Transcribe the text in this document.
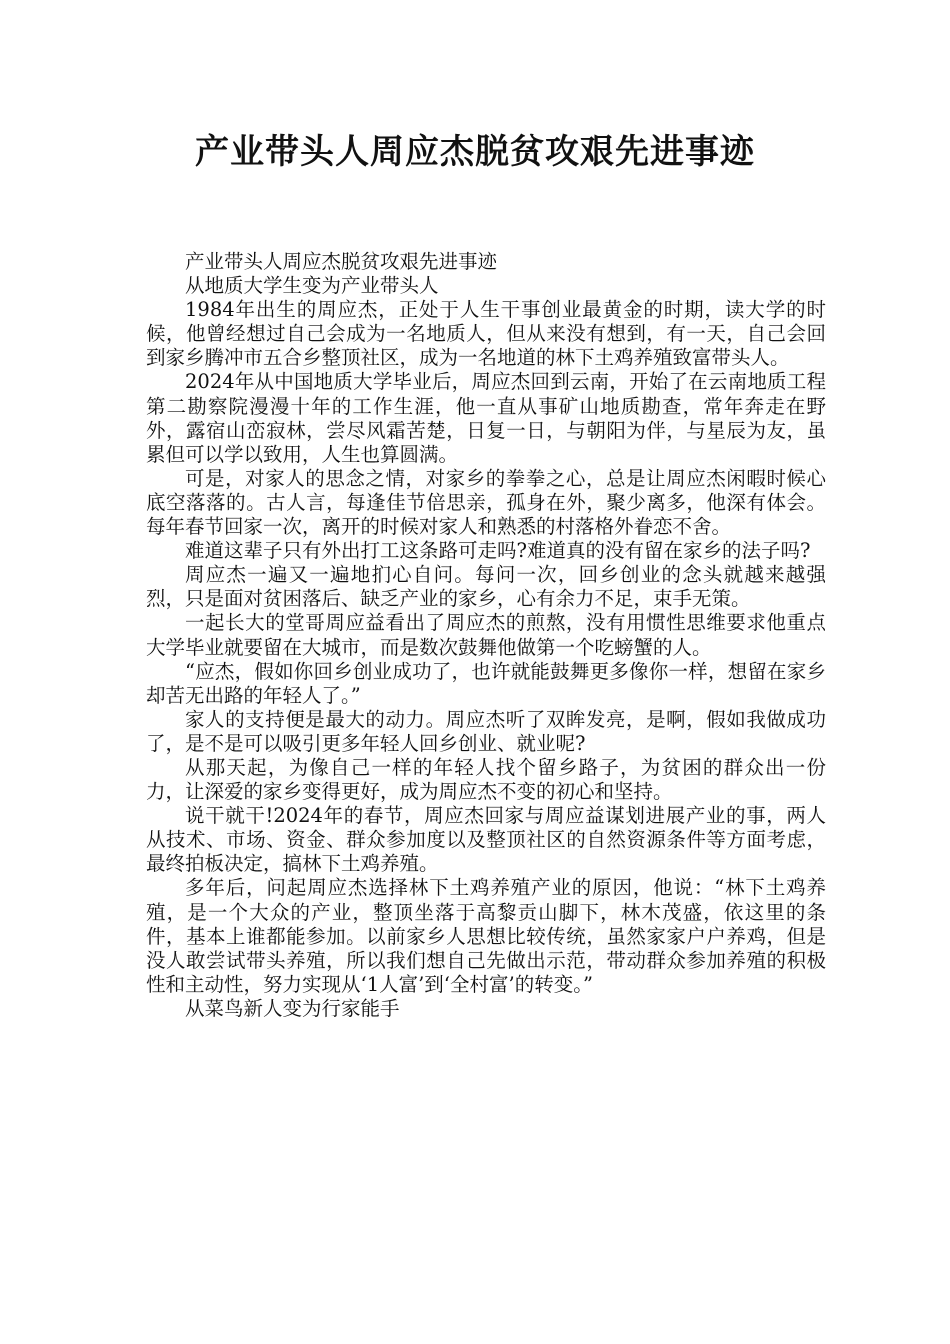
产业带头人周应杰脱贫攻艰先进事迹

产业带头人周应杰脱贫攻艰先进事迹

从地质大学生变为产业带头人

1984年出生的周应杰，正处于人生干事创业最黄金的时期，读大学的时候，他曾经想过自己会成为一名地质人，但从来没有想到，有一天，自己会回到家乡腾冲市五合乡整顶社区，成为一名地道的林下土鸡养殖致富带头人。

2024年从中国地质大学毕业后，周应杰回到云南，开始了在云南地质工程第二勘察院漫漫十年的工作生涯，他一直从事矿山地质勘查，常年奔走在野外，露宿山峦寂林，尝尽风霜苦楚，日复一日，与朝阳为伴，与星辰为友，虽累但可以学以致用，人生也算圆满。

可是，对家人的思念之情，对家乡的拳拳之心，总是让周应杰闲暇时候心底空落落的。古人言，每逢佳节倍思亲，孤身在外，聚少离多，他深有体会。每年春节回家一次，离开的时候对家人和熟悉的村落格外眷恋不舍。

难道这辈子只有外出打工这条路可走吗?难道真的没有留在家乡的法子吗?

周应杰一遍又一遍地扪心自问。每问一次，回乡创业的念头就越来越强烈，只是面对贫困落后、缺乏产业的家乡，心有余力不足，束手无策。

一起长大的堂哥周应益看出了周应杰的煎熬，没有用惯性思维要求他重点大学毕业就要留在大城市，而是数次鼓舞他做第一个吃螃蟹的人。

“应杰，假如你回乡创业成功了，也许就能鼓舞更多像你一样，想留在家乡却苦无出路的年轻人了。”

家人的支持便是最大的动力。周应杰听了双眸发亮，是啊，假如我做成功了，是不是可以吸引更多年轻人回乡创业、就业呢?

从那天起，为像自己一样的年轻人找个留乡路子，为贫困的群众出一份力，让深爱的家乡变得更好，成为周应杰不变的初心和坚持。

说干就干!2024年的春节，周应杰回家与周应益谋划进展产业的事，两人从技术、市场、资金、群众参加度以及整顶社区的自然资源条件等方面考虑，最终拍板决定，搞林下土鸡养殖。

多年后，问起周应杰选择林下土鸡养殖产业的原因，他说：“林下土鸡养殖，是一个大众的产业，整顶坐落于高黎贡山脚下，林木茂盛，依这里的条件，基本上谁都能参加。以前家乡人思想比较传统，虽然家家户户养鸡，但是没人敢尝试带头养殖，所以我们想自己先做出示范，带动群众参加养殖的积极性和主动性，努力实现从‘1人富’到‘全村富’的转变。”

从菜鸟新人变为行家能手
